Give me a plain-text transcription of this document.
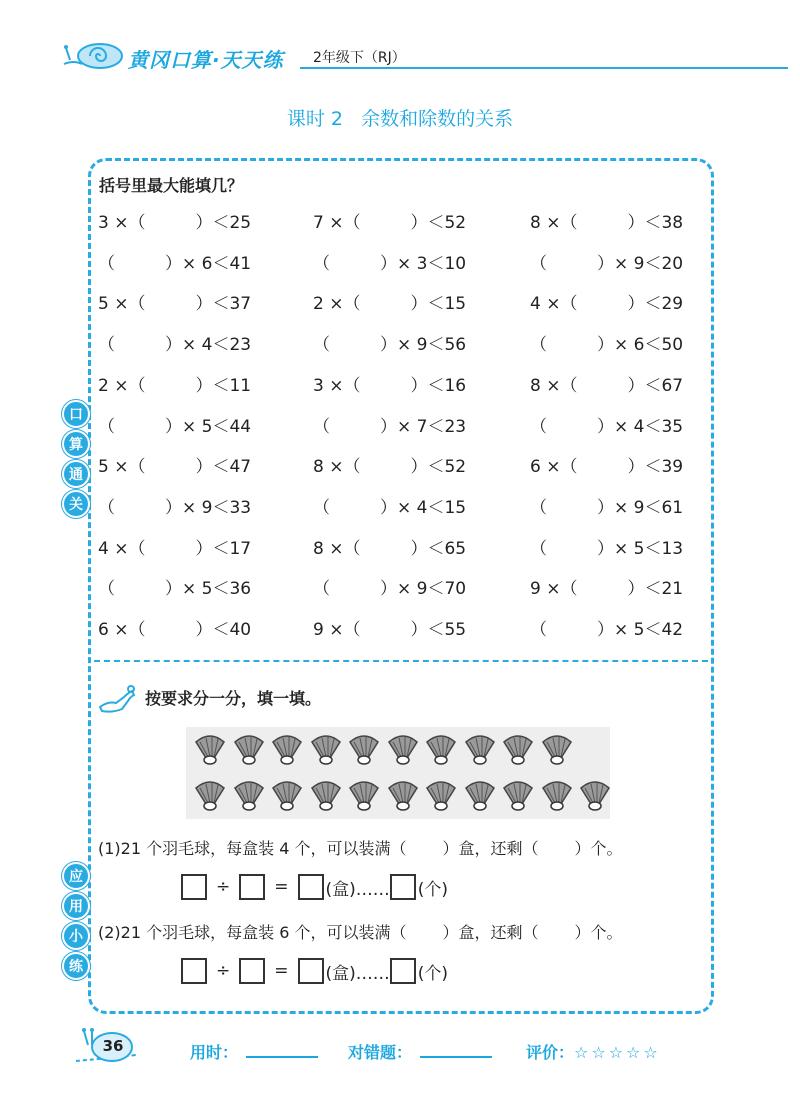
黄冈口算·天天练 2年级下（RJ）
课时 2 余数和除数的关系
口
算
通
关
应
用
小
练
括号里最大能填几？
3 ×（	）＜25	7 ×（	）＜52	8 ×（	）＜38
（	）× 6＜41	（	）× 3＜10	（	）× 9＜20
5 ×（	）＜37	2 ×（	）＜15	4 ×（	）＜29
（	）× 4＜23	（	）× 9＜56	（	）× 6＜50
2 ×（	）＜11	3 ×（	）＜16	8 ×（	）＜67
（	）× 5＜44	（	）× 7＜23	（	）× 4＜35
5 ×（	）＜47	8 ×（	）＜52	6 ×（	）＜39
（	）× 9＜33	（	）× 4＜15	（	）× 9＜61
4 ×（	）＜17	8 ×（	）＜65	（	）× 5＜13
（	）× 5＜36	（	）× 9＜70	9 ×（	）＜21
6 ×（	）＜40	9 ×（	）＜55	（	）× 5＜42
按要求分一分，填一填。
(1)21 个羽毛球，每盒装 4 个，可以装满（ ）盒，还剩（ ）个。
÷	= (盒)…… (个)
(2)21 个羽毛球，每盒装 6 个，可以装满（ ）盒，还剩（ ）个。
÷	= (盒)…… (个)
36	用时：	对错题：	评价：☆☆☆☆☆
